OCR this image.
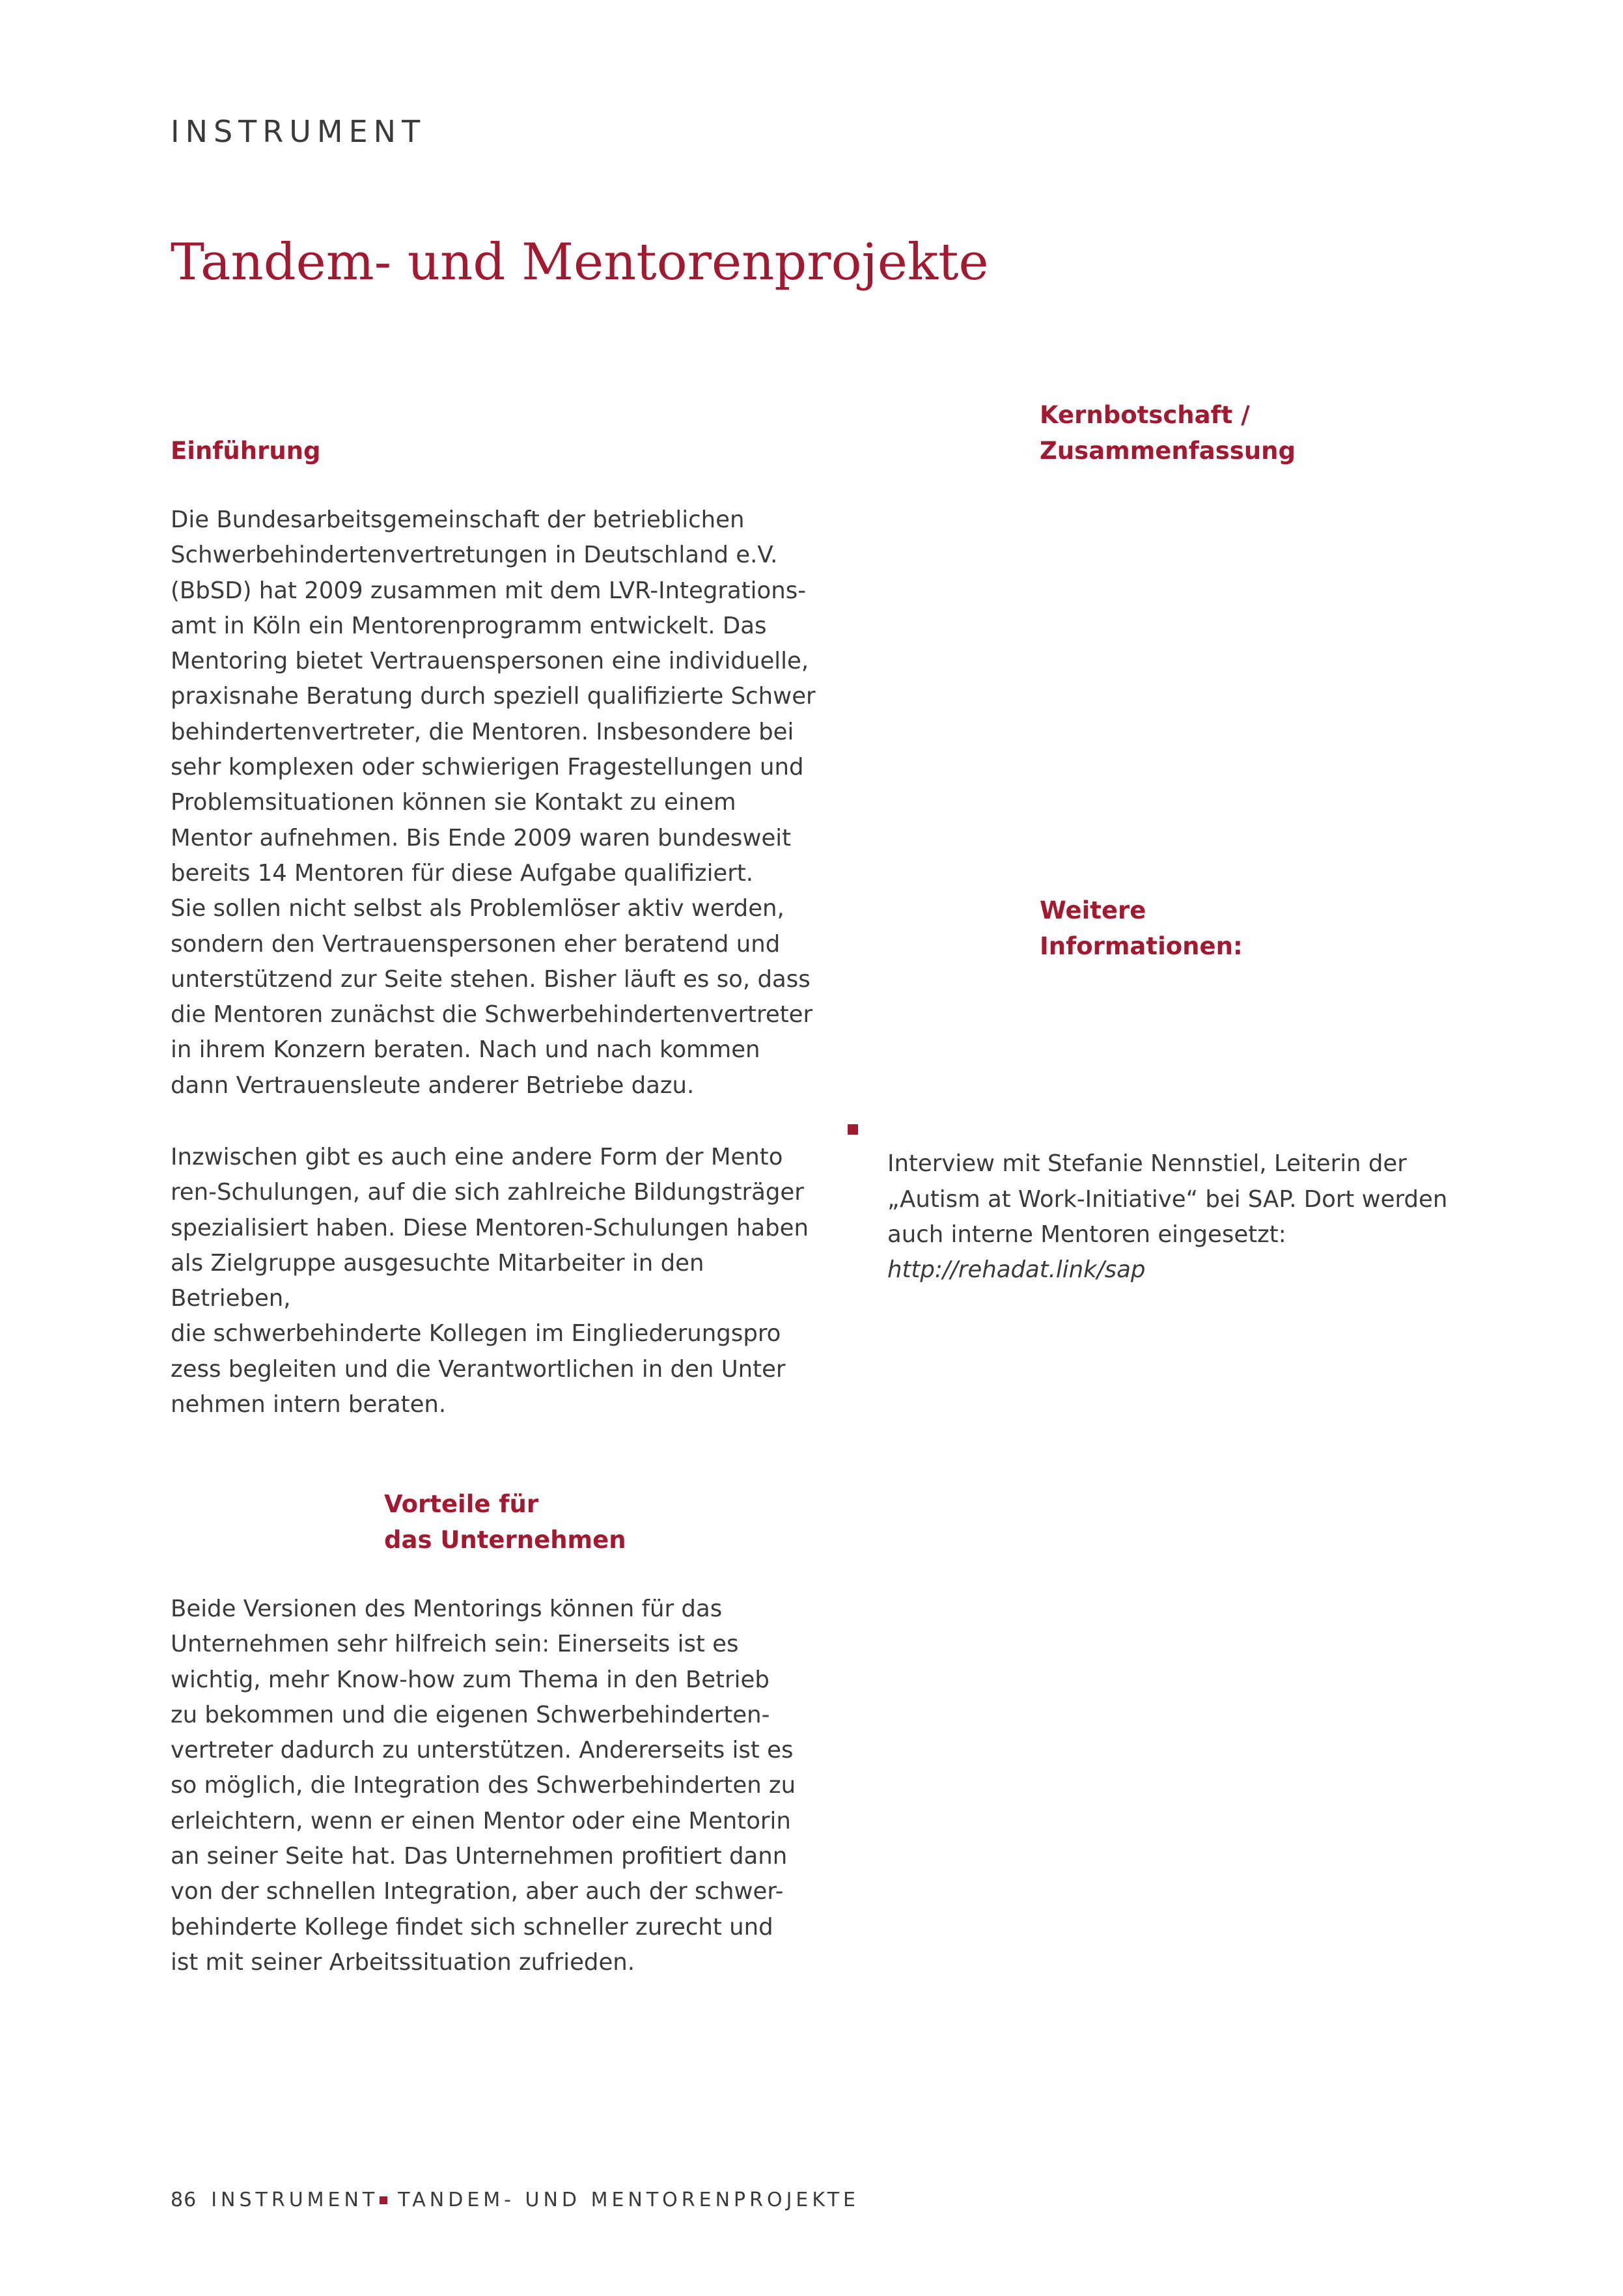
INSTRUMENT
Tandem- und Mentorenprojekte
Einführung
Die Bundesarbeitsgemeinschaft der betrieblichen
Schwerbehindertenvertretungen in Deutschland e.V.
(BbSD) hat 2009 zusammen mit dem LVR-Integrations-
amt in Köln ein Mentorenprogramm entwickelt. Das
Mentoring bietet Vertrauenspersonen eine individuelle,
praxisnahe Beratung durch speziell qualifizierte Schwer
behindertenvertreter, die Mentoren. Insbesondere bei
sehr komplexen oder schwierigen Fragestellungen und
Problemsituationen können sie Kontakt zu einem
Mentor aufnehmen. Bis Ende 2009 waren bundesweit
bereits 14 Mentoren für diese Aufgabe qualifiziert.
Sie sollen nicht selbst als Problemlöser aktiv werden,
sondern den Vertrauenspersonen eher beratend und
unterstützend zur Seite stehen. Bisher läuft es so, dass
die Mentoren zunächst die Schwerbehindertenvertreter
in ihrem Konzern beraten. Nach und nach kommen
dann Vertrauensleute anderer Betriebe dazu.
Inzwischen gibt es auch eine andere Form der Mento
ren-Schulungen, auf die sich zahlreiche Bildungsträger
spezialisiert haben. Diese Mentoren-Schulungen haben
als Zielgruppe ausgesuchte Mitarbeiter in den Betrieben,
die schwerbehinderte Kollegen im Eingliederungspro
zess begleiten und die Verantwortlichen in den Unter
nehmen intern beraten.
Vorteile für
das Unternehmen
Beide Versionen des Mentorings können für das
Unternehmen sehr hilfreich sein: Einerseits ist es
wichtig, mehr Know-how zum Thema in den Betrieb
zu bekommen und die eigenen Schwerbehinderten-
vertreter dadurch zu unterstützen. Andererseits ist es
so möglich, die Integration des Schwerbehinderten zu
erleichtern, wenn er einen Mentor oder eine Mentorin
an seiner Seite hat. Das Unternehmen profitiert dann
von der schnellen Integration, aber auch der schwer-
behinderte Kollege findet sich schneller zurecht und
ist mit seiner Arbeitssituation zufrieden.
Kernbotschaft /
Zusammenfassung
Weitere
Informationen:

Interview mit Stefanie Nennstiel, Leiterin der
„Autism at Work-Initiative“ bei SAP. Dort werden
auch interne Mentoren eingesetzt:

http://rehadat.link/sap

86 INSTRUMENT TANDEM- UND MENTORENPROJEKTE
